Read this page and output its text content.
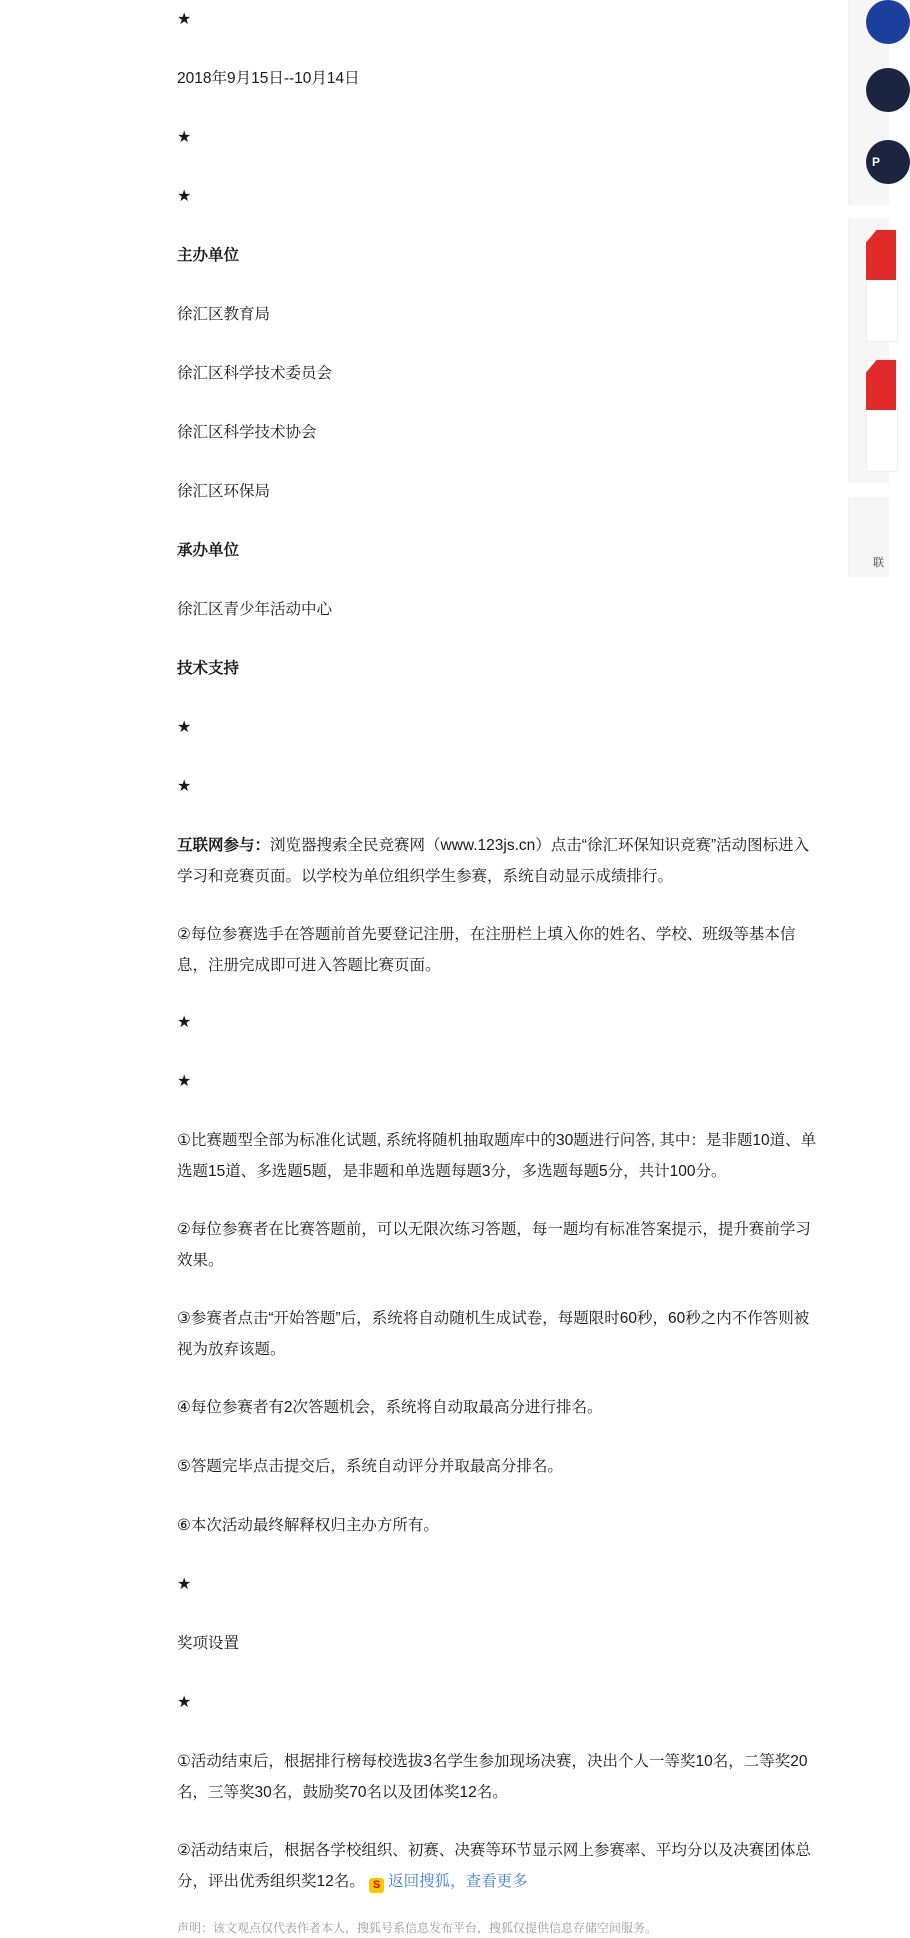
★

2018年9月15日--10月14日

★

★

主办单位

徐汇区教育局

徐汇区科学技术委员会

徐汇区科学技术协会

徐汇区环保局

承办单位

徐汇区青少年活动中心

技术支持

★

★

互联网参与：浏览器搜索全民竞赛网（www.123js.cn）点击“徐汇环保知识竞赛”活动图标进入学习和竞赛页面。以学校为单位组织学生参赛，系统自动显示成绩排行。

②每位参赛选手在答题前首先要登记注册，在注册栏上填入你的姓名、学校、班级等基本信息，注册完成即可进入答题比赛页面。

★

★

①比赛题型全部为标准化试题, 系统将随机抽取题库中的30题进行问答, 其中：是非题10道、单选题15道、多选题5题，是非题和单选题每题3分，多选题每题5分，共计100分。

②每位参赛者在比赛答题前，可以无限次练习答题，每一题均有标准答案提示，提升赛前学习效果。

③参赛者点击“开始答题”后，系统将自动随机生成试卷，每题限时60秒，60秒之内不作答则被视为放弃该题。

④每位参赛者有2次答题机会，系统将自动取最高分进行排名。

⑤答题完毕点击提交后，系统自动评分并取最高分排名。

⑥本次活动最终解释权归主办方所有。

★

奖项设置

★

①活动结束后，根据排行榜每校选拔3名学生参加现场决赛，决出个人一等奖10名，二等奖20名，三等奖30名，鼓励奖70名以及团体奖12名。

②活动结束后，根据各学校组织、初赛、决赛等环节显示网上参赛率、平均分以及决赛团体总分，评出优秀组织奖12名。 S 返回搜狐，查看更多

声明：该文观点仅代表作者本人，搜狐号系信息发布平台，搜狐仅提供信息存储空间服务。
P
联
